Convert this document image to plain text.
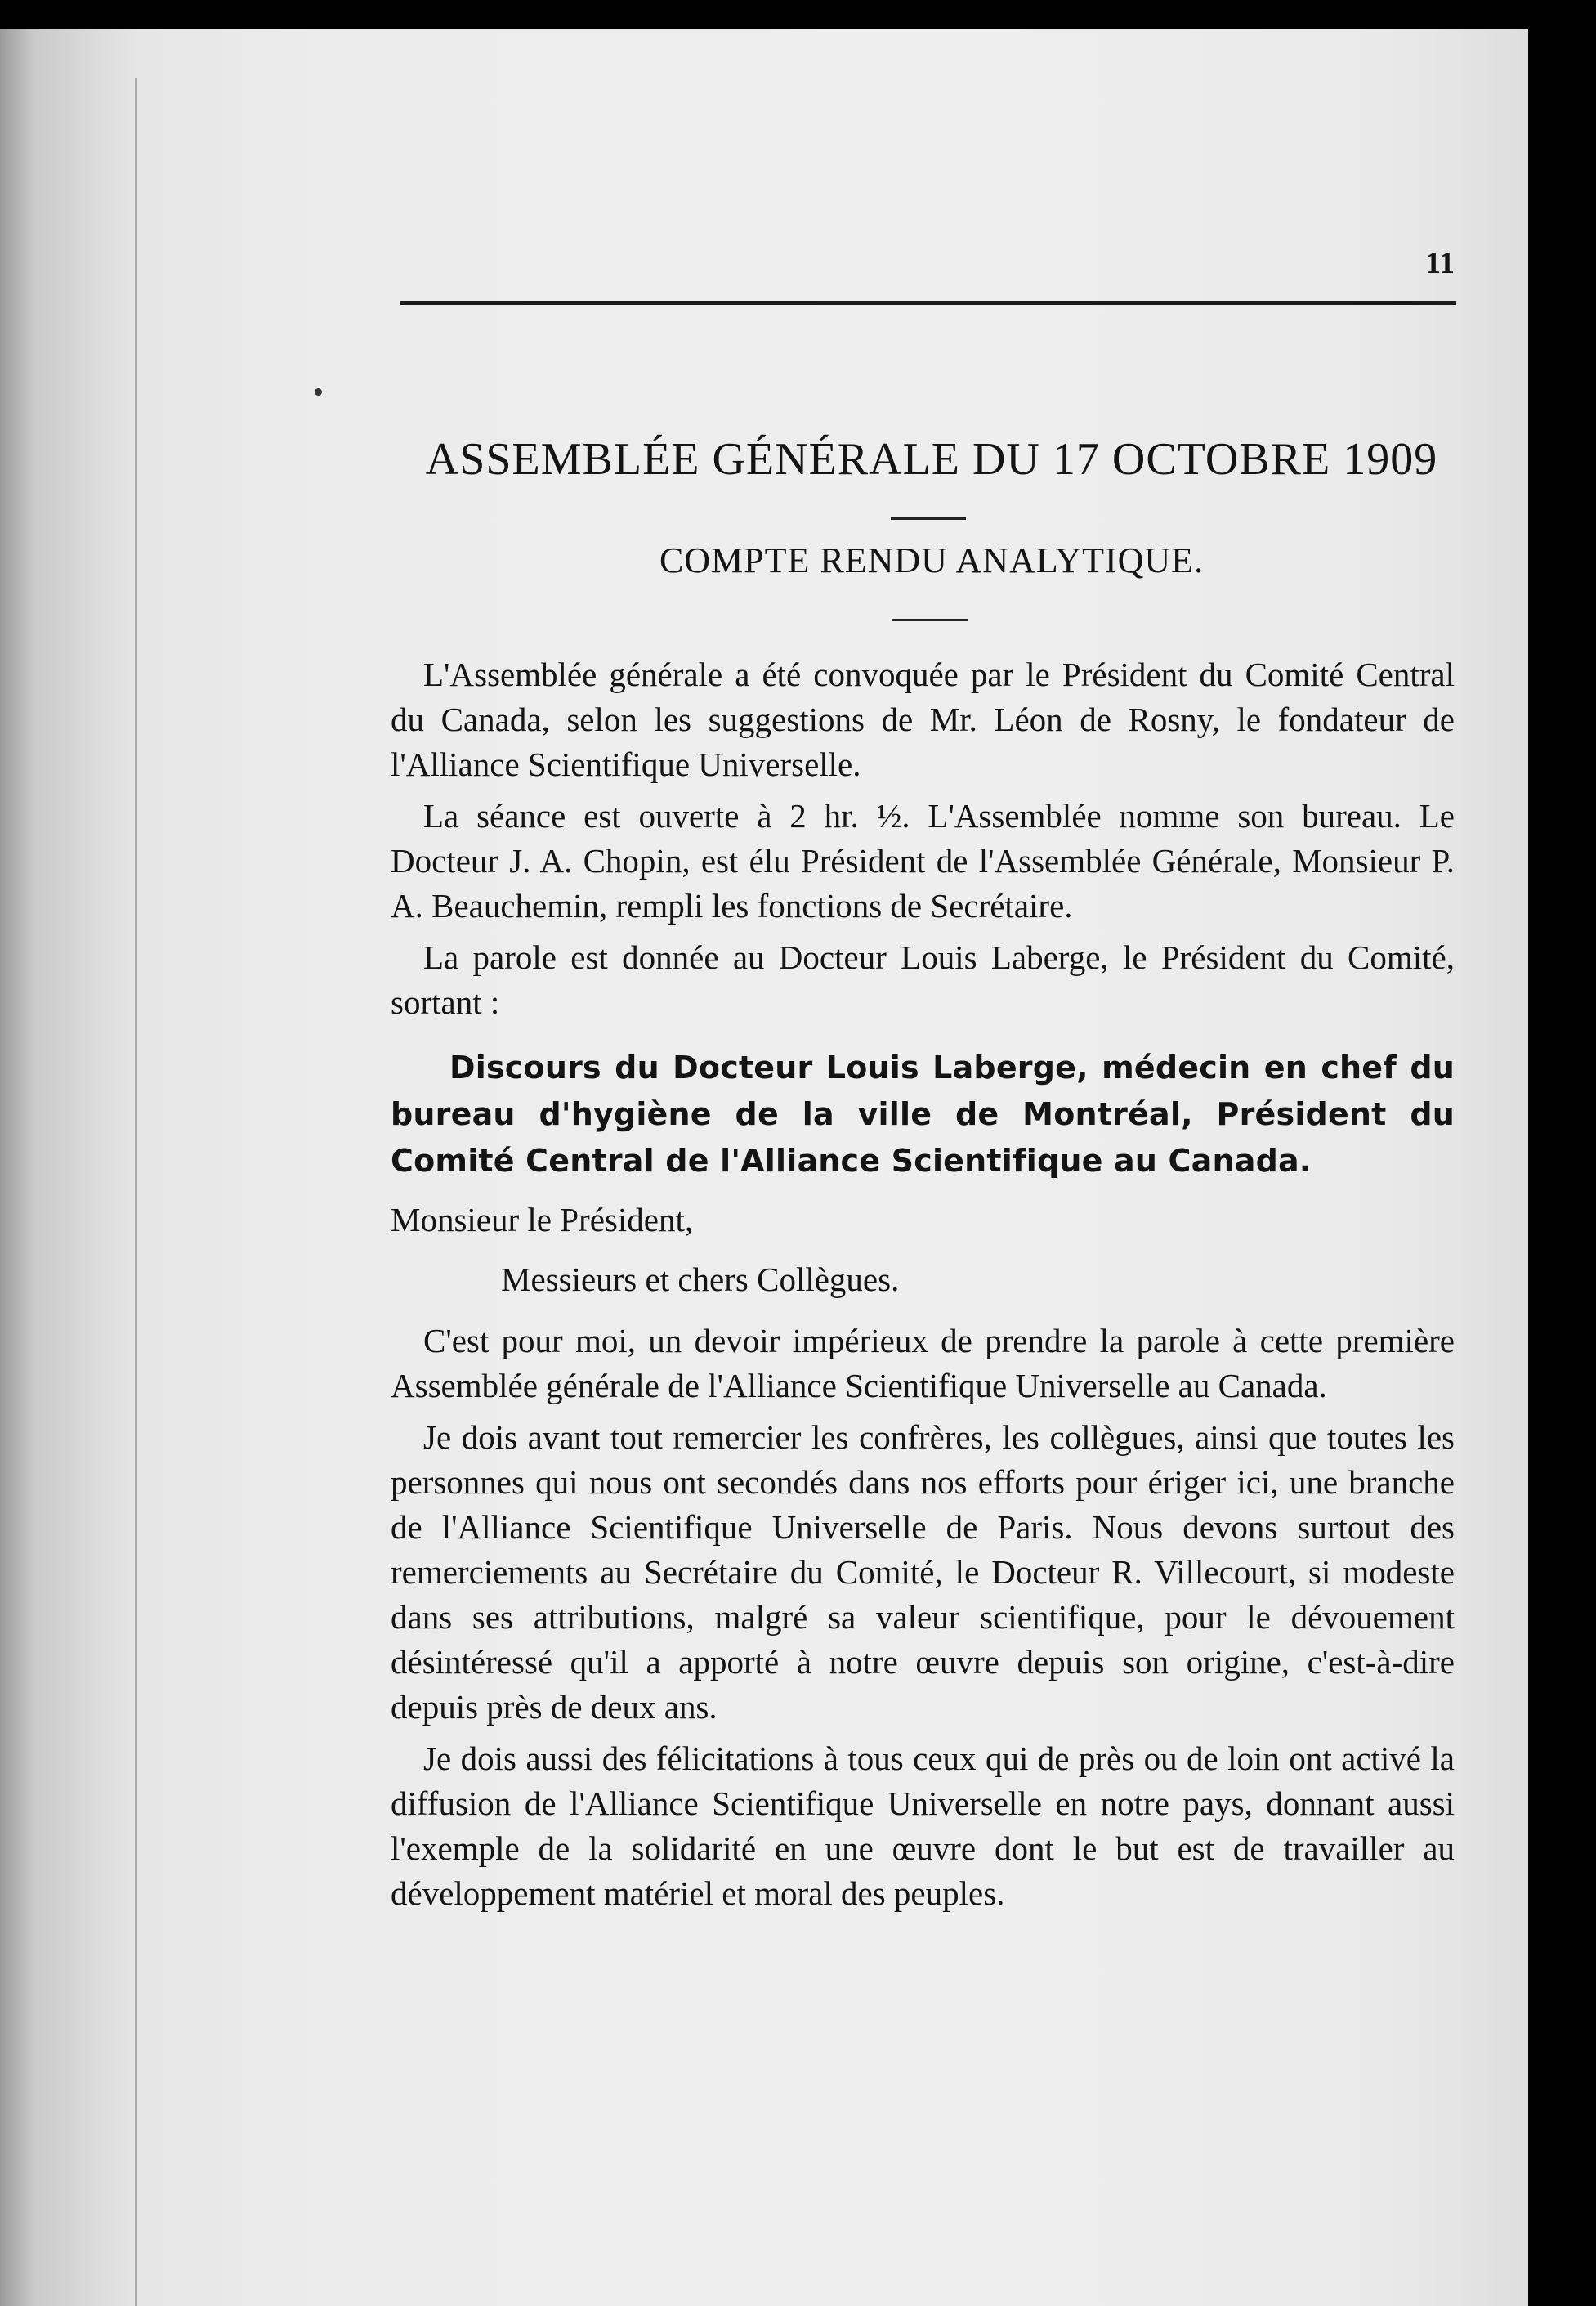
11
ASSEMBLÉE GÉNÉRALE DU 17 OCTOBRE 1909
COMPTE RENDU ANALYTIQUE.

L'Assemblée générale a été convoquée par le Président du Comité Central du Canada, selon les suggestions de Mr. Léon de Rosny, le fondateur de l'Alliance Scientifique Universelle.

La séance est ouverte à 2 hr. ½. L'Assemblée nomme son bureau. Le Docteur J. A. Chopin, est élu Président de l'Assemblée Générale, Monsieur P. A. Beauchemin, rempli les fonctions de Secrétaire.

La parole est donnée au Docteur Louis Laberge, le Président du Comité, sortant :

Discours du Docteur Louis Laberge, médecin en chef du bureau d'hygiène de la ville de Montréal, Président du Comité Central de l'Alliance Scientifique au Canada.

Monsieur le Président,

Messieurs et chers Collègues.

C'est pour moi, un devoir impérieux de prendre la parole à cette première Assemblée générale de l'Alliance Scientifique Universelle au Canada.

Je dois avant tout remercier les confrères, les collègues, ainsi que toutes les personnes qui nous ont secondés dans nos efforts pour ériger ici, une branche de l'Alliance Scientifique Universelle de Paris. Nous devons surtout des remerciements au Secrétaire du Comité, le Docteur R. Villecourt, si modeste dans ses attributions, malgré sa valeur scientifique, pour le dévouement désintéressé qu'il a apporté à notre œuvre depuis son origine, c'est-à-dire depuis près de deux ans.

Je dois aussi des félicitations à tous ceux qui de près ou de loin ont activé la diffusion de l'Alliance Scientifique Universelle en notre pays, donnant aussi l'exemple de la solidarité en une œuvre dont le but est de travailler au développement matériel et moral des peuples.
